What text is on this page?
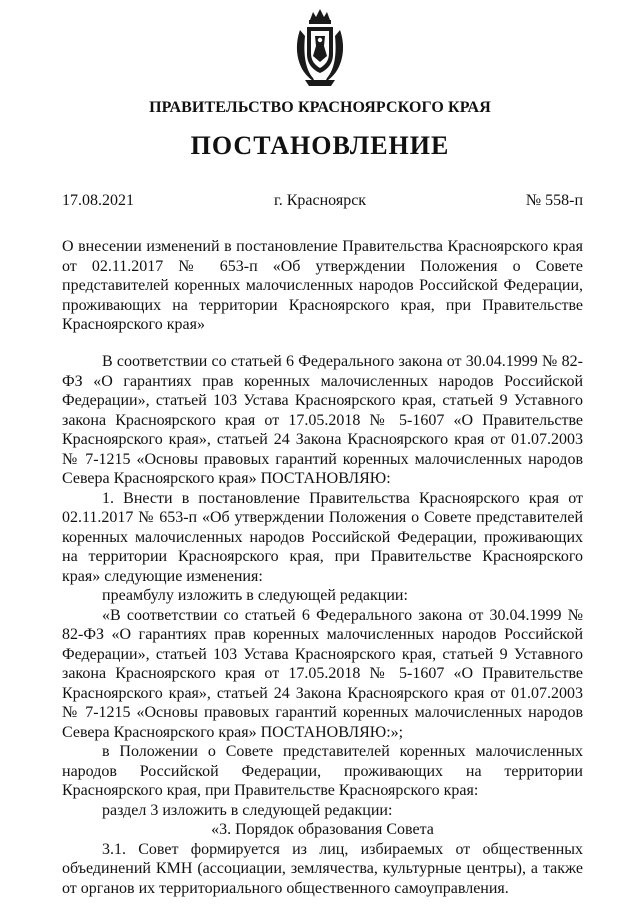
ПРАВИТЕЛЬСТВО КРАСНОЯРСКОГО КРАЯ
ПОСТАНОВЛЕНИЕ
17.08.2021	г. Красноярск	№ 558-п
О внесении изменений в постановление Правительства Красноярского края от 02.11.2017 № 653-п «Об утверждении Положения о Совете представителей коренных малочисленных народов Российской Федерации, проживающих на территории Красноярского края, при Правительстве Красноярского края»

В соответствии со статьей 6 Федерального закона от 30.04.1999 № 82-ФЗ «О гарантиях прав коренных малочисленных народов Российской Федерации», статьей 103 Устава Красноярского края, статьей 9 Уставного закона Красноярского края от 17.05.2018 № 5-1607 «О Правительстве Красноярского края», статьей 24 Закона Красноярского края от 01.07.2003 № 7-1215 «Основы правовых гарантий коренных малочисленных народов Севера Красноярского края» ПОСТАНОВЛЯЮ:

1. Внести в постановление Правительства Красноярского края от 02.11.2017 № 653-п «Об утверждении Положения о Совете представителей коренных малочисленных народов Российской Федерации, проживающих на территории Красноярского края, при Правительстве Красноярского края» следующие изменения:

преамбулу изложить в следующей редакции:

«В соответствии со статьей 6 Федерального закона от 30.04.1999 № 82-ФЗ «О гарантиях прав коренных малочисленных народов Российской Федерации», статьей 103 Устава Красноярского края, статьей 9 Уставного закона Красноярского края от 17.05.2018 № 5-1607 «О Правительстве Красноярского края», статьей 24 Закона Красноярского края от 01.07.2003 № 7-1215 «Основы правовых гарантий коренных малочисленных народов Севера Красноярского края» ПОСТАНОВЛЯЮ:»;

в Положении о Совете представителей коренных малочисленных народов Российской Федерации, проживающих на территории Красноярского края, при Правительстве Красноярского края:

раздел 3 изложить в следующей редакции:

«3. Порядок образования Совета

3.1. Совет формируется из лиц, избираемых от общественных объединений КМН (ассоциации, землячества, культурные центры), а также от органов их территориального общественного самоуправления.
